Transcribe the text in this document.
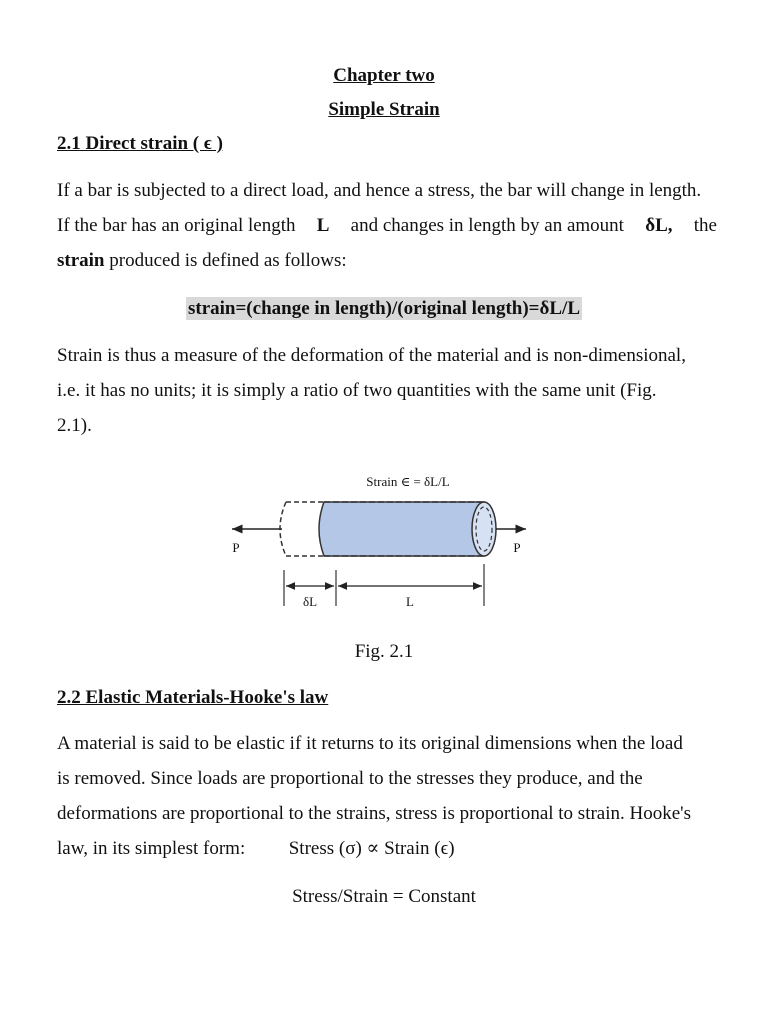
Chapter two
Simple Strain
2.1 Direct strain ( ϵ )
If a bar is subjected to a direct load, and hence a stress, the bar will change in length.
If the bar has an original length L and changes in length by an amount δL, the
strain produced is defined as follows:
strain=(change in length)/(original length)=δL/L
Strain is thus a measure of the deformation of the material and is non-dimensional,
i.e. it has no units; it is simply a ratio of two quantities with the same unit (Fig.
2.1).
Strain ∈ = δL/L
P	P
δL	L
Fig. 2.1
2.2 Elastic Materials-Hooke's law
A material is said to be elastic if it returns to its original dimensions when the load
is removed. Since loads are proportional to the stresses they produce, and the
deformations are proportional to the strains, stress is proportional to strain. Hooke's
law, in its simplest form: Stress (σ) ∝ Strain (ϵ)
Stress/Strain = Constant
